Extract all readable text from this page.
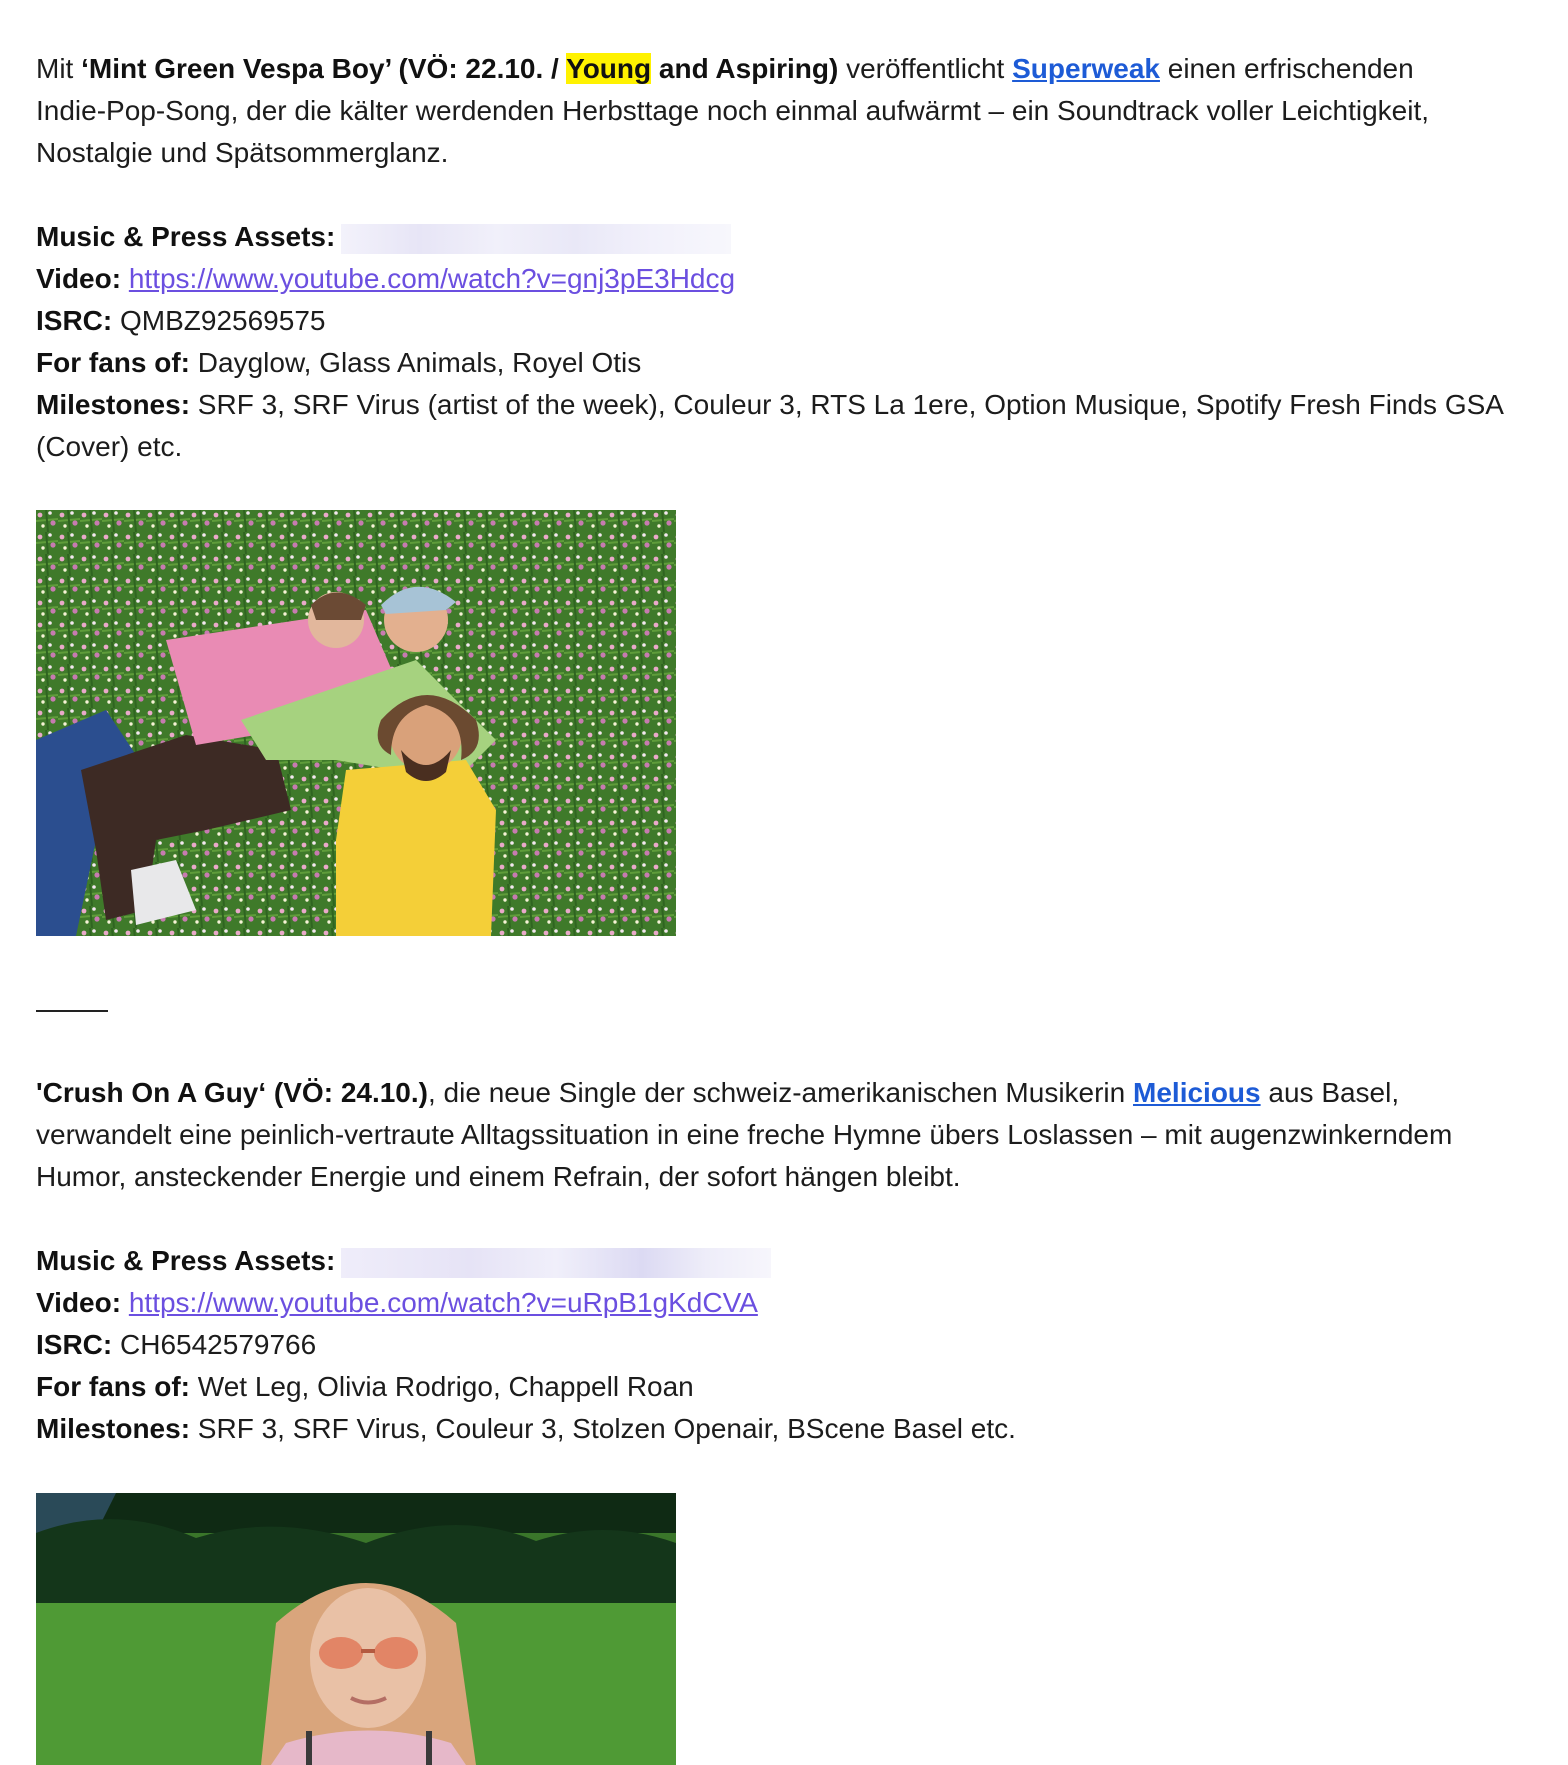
Mit ‘Mint Green Vespa Boy’ (VÖ: 22.10. / Young and Aspiring) veröffentlicht Superweak einen erfrischenden
Indie-Pop-Song, der die kälter werdenden Herbsttage noch einmal aufwärmt – ein Soundtrack voller Leichtigkeit,
Nostalgie und Spätsommerglanz.

Music & Press Assets:
Video: https://www.youtube.com/watch?v=gnj3pE3Hdcg
ISRC: QMBZ92569575
For fans of: Dayglow, Glass Animals, Royel Otis
Milestones: SRF 3, SRF Virus (artist of the week), Couleur 3, RTS La 1ere, Option Musique, Spotify Fresh Finds GSA
(Cover) etc.

'Crush On A Guy‘ (VÖ: 24.10.), die neue Single der schweiz-amerikanischen Musikerin Melicious aus Basel,
verwandelt eine peinlich-vertraute Alltagssituation in eine freche Hymne übers Loslassen – mit augenzwinkerndem
Humor, ansteckender Energie und einem Refrain, der sofort hängen bleibt.

Music & Press Assets:
Video: https://www.youtube.com/watch?v=uRpB1gKdCVA
ISRC: CH6542579766
For fans of: Wet Leg, Olivia Rodrigo, Chappell Roan
Milestones: SRF 3, SRF Virus, Couleur 3, Stolzen Openair, BScene Basel etc.
